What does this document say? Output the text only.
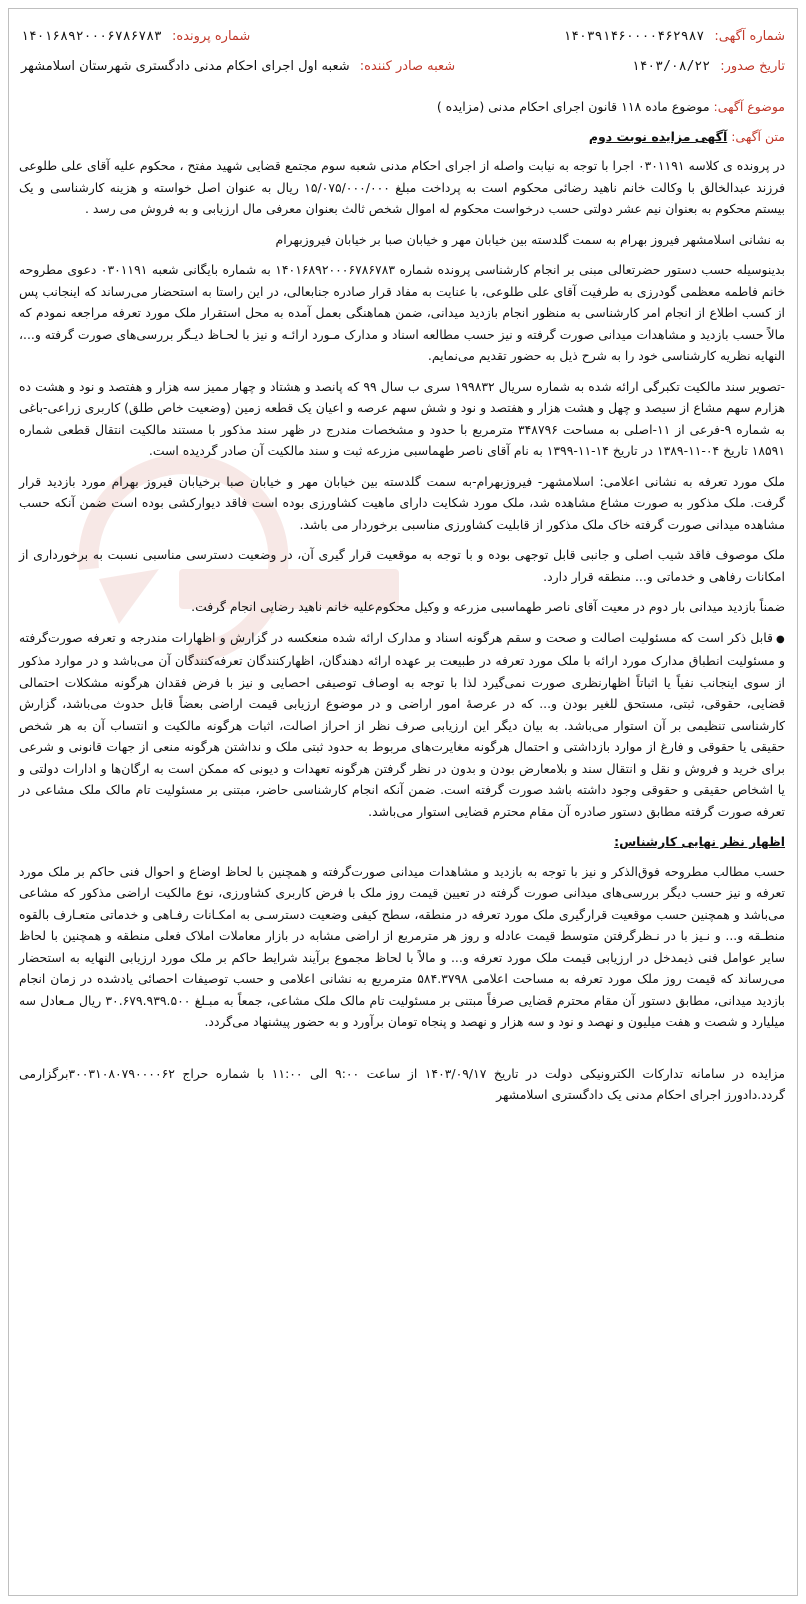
شماره آگهی: ۱۴۰۳۹۱۴۶۰۰۰۰۴۶۲۹۸۷
شماره پرونده: ۱۴۰۱۶۸۹۲۰۰۰۶۷۸۶۷۸۳
تاریخ صدور: ۱۴۰۳/۰۸/۲۲
شعبه صادر کننده: شعبه اول اجرای احکام مدنی دادگستری شهرستان اسلامشهر
موضوع آگهی: موضوع ماده ۱۱۸ قانون اجرای احکام مدنی (مزایده )
متن آگهی: آگهی مزایده نوبت دوم

در پرونده ی کلاسه ۰۳۰۱۱۹۱ اجرا با توجه به نیابت واصله از اجرای احکام مدنی شعبه سوم مجتمع قضایی شهید مفتح ، محکوم علیه آقای علی طلوعی فرزند عبدالخالق با وکالت خانم ناهید رضائی محکوم است به پرداخت مبلغ ۱۵/۰۷۵/۰۰۰/۰۰۰ ریال به عنوان اصل خواسته و هزینه کارشناسی و یک بیستم محکوم به بعنوان نیم عشر دولتی حسب درخواست محکوم له اموال شخص ثالث بعنوان معرفی مال ارزیابی و به فروش می رسد .

به نشانی اسلامشهر فیروز بهرام به سمت گلدسته بین خیابان مهر و خیابان صبا بر خیابان فیروزبهرام

بدینوسیله حسب دستور حضرتعالی مبنی بر انجام کارشناسی پرونده شماره ۱۴۰۱۶۸۹۲۰۰۰۶۷۸۶۷۸۳ به شماره بایگانی شعبه ۰۳۰۱۱۹۱ دعوی مطروحه خانم فاطمه معظمی گودرزی به طرفیت آقای علی طلوعی، با عنایت به مفاد قرار صادره جنابعالی، در این راستا به استحضار می‌رساند که اینجانب پس از کسب اطلاع از انجام امر کارشناسی به منظور انجام بازدید میدانی، ضمن هماهنگی بعمل آمده به محل استقرار ملک مورد تعرفه مراجعه نمودم که مالاً حسب بازدید و مشاهدات میدانی صورت گرفته و نیز حسب مطالعه اسناد و مدارک مـورد ارائـه و نیز با لحـاظ دیـگر بررسی‌های صورت گرفته و...، النهایه نظریه کارشناسی خود را به شرح ذیل به حضور تقدیم می‌نمایم.

-تصویر سند مالکیت تکبرگی ارائه شده به شماره سریال ۱۹۹۸۳۲ سری ب سال ۹۹ که پانصد و هشتاد و چهار ممیز سه هزار و هفتصد و نود و هشت ده هزارم سهم مشاع از سیصد و چهل و هشت هزار و هفتصد و نود و شش سهم عرصه و اعیان یک قطعه زمین (وضعیت خاص طلق) کاربری زراعی-باغی به شماره ۹-فرعی از ۱۱-اصلی به مساحت ۳۴۸۷۹۶ مترمربع با حدود و مشخصات مندرج در ظهر سند مذکور با مستند مالکیت انتقال قطعی شماره ۱۸۵۹۱ تاریخ ۰۴-۱۱-۱۳۸۹ در تاریخ ۱۴-۱۱-۱۳۹۹ به نام آقای ناصر طهماسبی مزرعه ثبت و سند مالکیت آن صادر گردیده است.

ملک مورد تعرفه به نشانی اعلامی: اسلامشهر- فیروزبهرام-به سمت گلدسته بین خیابان مهر و خیابان صبا برخیابان فیروز بهرام مورد بازدید قرار گرفت. ملک مذکور به صورت مشاع مشاهده شد، ملک مورد شکایت دارای ماهیت کشاورزی بوده است فاقد دیوارکشی بوده است ضمن آنکه حسب مشاهده میدانی صورت گرفته خاک ملک مذکور از قابلیت کشاورزی مناسبی برخوردار می باشد.

ملک موصوف فاقد شیب اصلی و جانبی قابل توجهی بوده و با توجه به موقعیت قرار گیری آن، در وضعیت دسترسی مناسبی نسبت به برخورداری از امکانات رفاهی و خدماتی و... منطقه قرار دارد.

ضمناً بازدید میدانی بار دوم در معیت آقای ناصر طهماسبی مزرعه و وکیل محکوم‌علیه خانم ناهید رضایی انجام گرفت.

● قابل ذکر است که مسئولیت اصالت و صحت و سقم هرگونه اسناد و مدارک ارائه شده منعکسه در گزارش و اظهارات مندرجه و تعرفه صورت‌گرفته و مسئولیت انطباق مدارک مورد ارائه با ملک مورد تعرفه در طبیعت بر عهده ارائه دهندگان، اظهارکنندگان تعرفه‌کنندگان آن می‌باشد و در موارد مذکور از سوی اینجانب نفیاً یا اثباتاً اظهارنظری صورت نمی‌گیرد لذا با توجه به اوصاف توصیفی احصایی و نیز با فرض فقدان هرگونه مشکلات احتمالی قضایی، حقوقی، ثبتی، مستحق للغیر بودن و... که در عرصهٔ امور اراضی و در موضوع ارزیابی قیمت اراضی بعضاً قابل حدوث می‌باشد، گزارش کارشناسی تنظیمی بر آن استوار می‌باشد. به بیان دیگر این ارزیابی صرف نظر از احراز اصالت، اثبات هرگونه مالکیت و انتساب آن به هر شخص حقیقی یا حقوقی و فارغ از موارد بازداشتی و احتمال هرگونه مغایرت‌های مربوط به حدود ثبتی ملک و نداشتن هرگونه منعی از جهات قانونی و شرعی برای خرید و فروش و نقل و انتقال سند و بلامعارض بودن و بدون در نظر گرفتن هرگونه تعهدات و دیونی که ممکن است به ارگان‌ها و ادارات دولتی و یا اشخاص حقیقی و حقوقی وجود داشته باشد صورت گرفته است. ضمن آنکه انجام کارشناسی حاضر، مبتنی بر مسئولیت تام مالک ملک مشاعی در تعرفه صورت گرفته مطابق دستور صادره آن مقام محترم قضایی استوار می‌باشد.

اظهار نظر نهایی کارشناس:

حسب مطالب مطروحه فوق‌الذکر و نیز با توجه به بازدید و مشاهدات میدانی صورت‌گرفته و همچنین با لحاظ اوضاع و احوال فنی حاکم بر ملک مورد تعرفه و نیز حسب دیگر بررسی‌های میدانی صورت گرفته در تعیین قیمت روز ملک با فرض کاربری کشاورزی، نوع مالکیت اراضی مذکور که مشاعی می‌باشد و همچنین حسب موقعیت قرارگیری ملک مورد تعرفه در منطقه، سطح کیفی وضعیت دسترسـی به امکـانات رفـاهی و خدماتی متعـارف بالقوه منطـقه و... و نـیز با در نـظرگرفتن متوسط قیمت عادله و روز هر مترمربع از اراضی مشابه در بازار معاملات املاک فعلی منطقه و همچنین با لحاظ سایر عوامل فنی ذیمدخل در ارزیابی قیمت ملک مورد تعرفه و... و مالاً با لحاظ مجموع برآیند شرایط حاکم بر ملک مورد ارزیابی النهایه به استحضار می‌رساند که قیمت روز ملک مورد تعرفه به مساحت اعلامی ۵۸۴.۳۷۹۸ مترمربع به نشانی اعلامی و حسب توصیفات احصائی یادشده در زمان انجام بازدید میدانی، مطابق دستور آن مقام محترم قضایی صرفاً مبتنی بر مسئولیت تام مالک ملک مشاعی، جمعاً به مبـلغ ۳۰.۶۷۹.۹۳۹.۵۰۰ ریال مـعادل سه میلیارد و شصت و هفت میلیون و نهصد و نود و سه هزار و نهصد و پنجاه تومان برآورد و به حضور پیشنهاد می‌گردد.

مزایده در سامانه تدارکات الکترونیکی دولت در تاریخ ۱۴۰۳/۰۹/۱۷ از ساعت ۹:۰۰ الی ۱۱:۰۰ با شماره حراج ۳۰۰۳۱۰۸۰۷۹۰۰۰۰۶۲برگزارمی گردد.دادورز اجرای احکام مدنی یک دادگستری اسلامشهر
